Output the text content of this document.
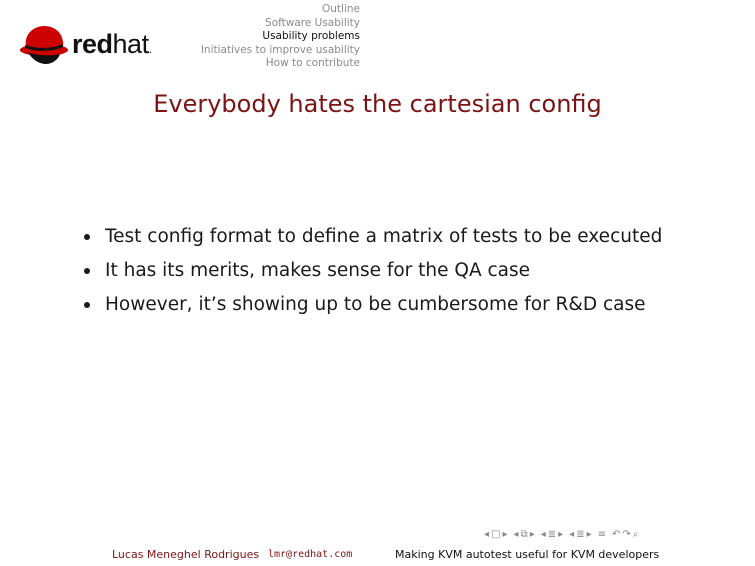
redhat.
Outline
Software Usability
Usability problems
Initiatives to improve usability
How to contribute
Everybody hates the cartesian config
Test config format to define a matrix of tests to be executed
It has its merits, makes sense for the QA case
However, it’s showing up to be cumbersome for R&D case
◂ □ ▸ ◂ ⧉ ▸ ◂ ≣ ▸ ◂ ≣ ▸ ≡ ↶ ↷ ⌕
Lucas Meneghel Rodrigues lmr@redhat.com	Making KVM autotest useful for KVM developers
